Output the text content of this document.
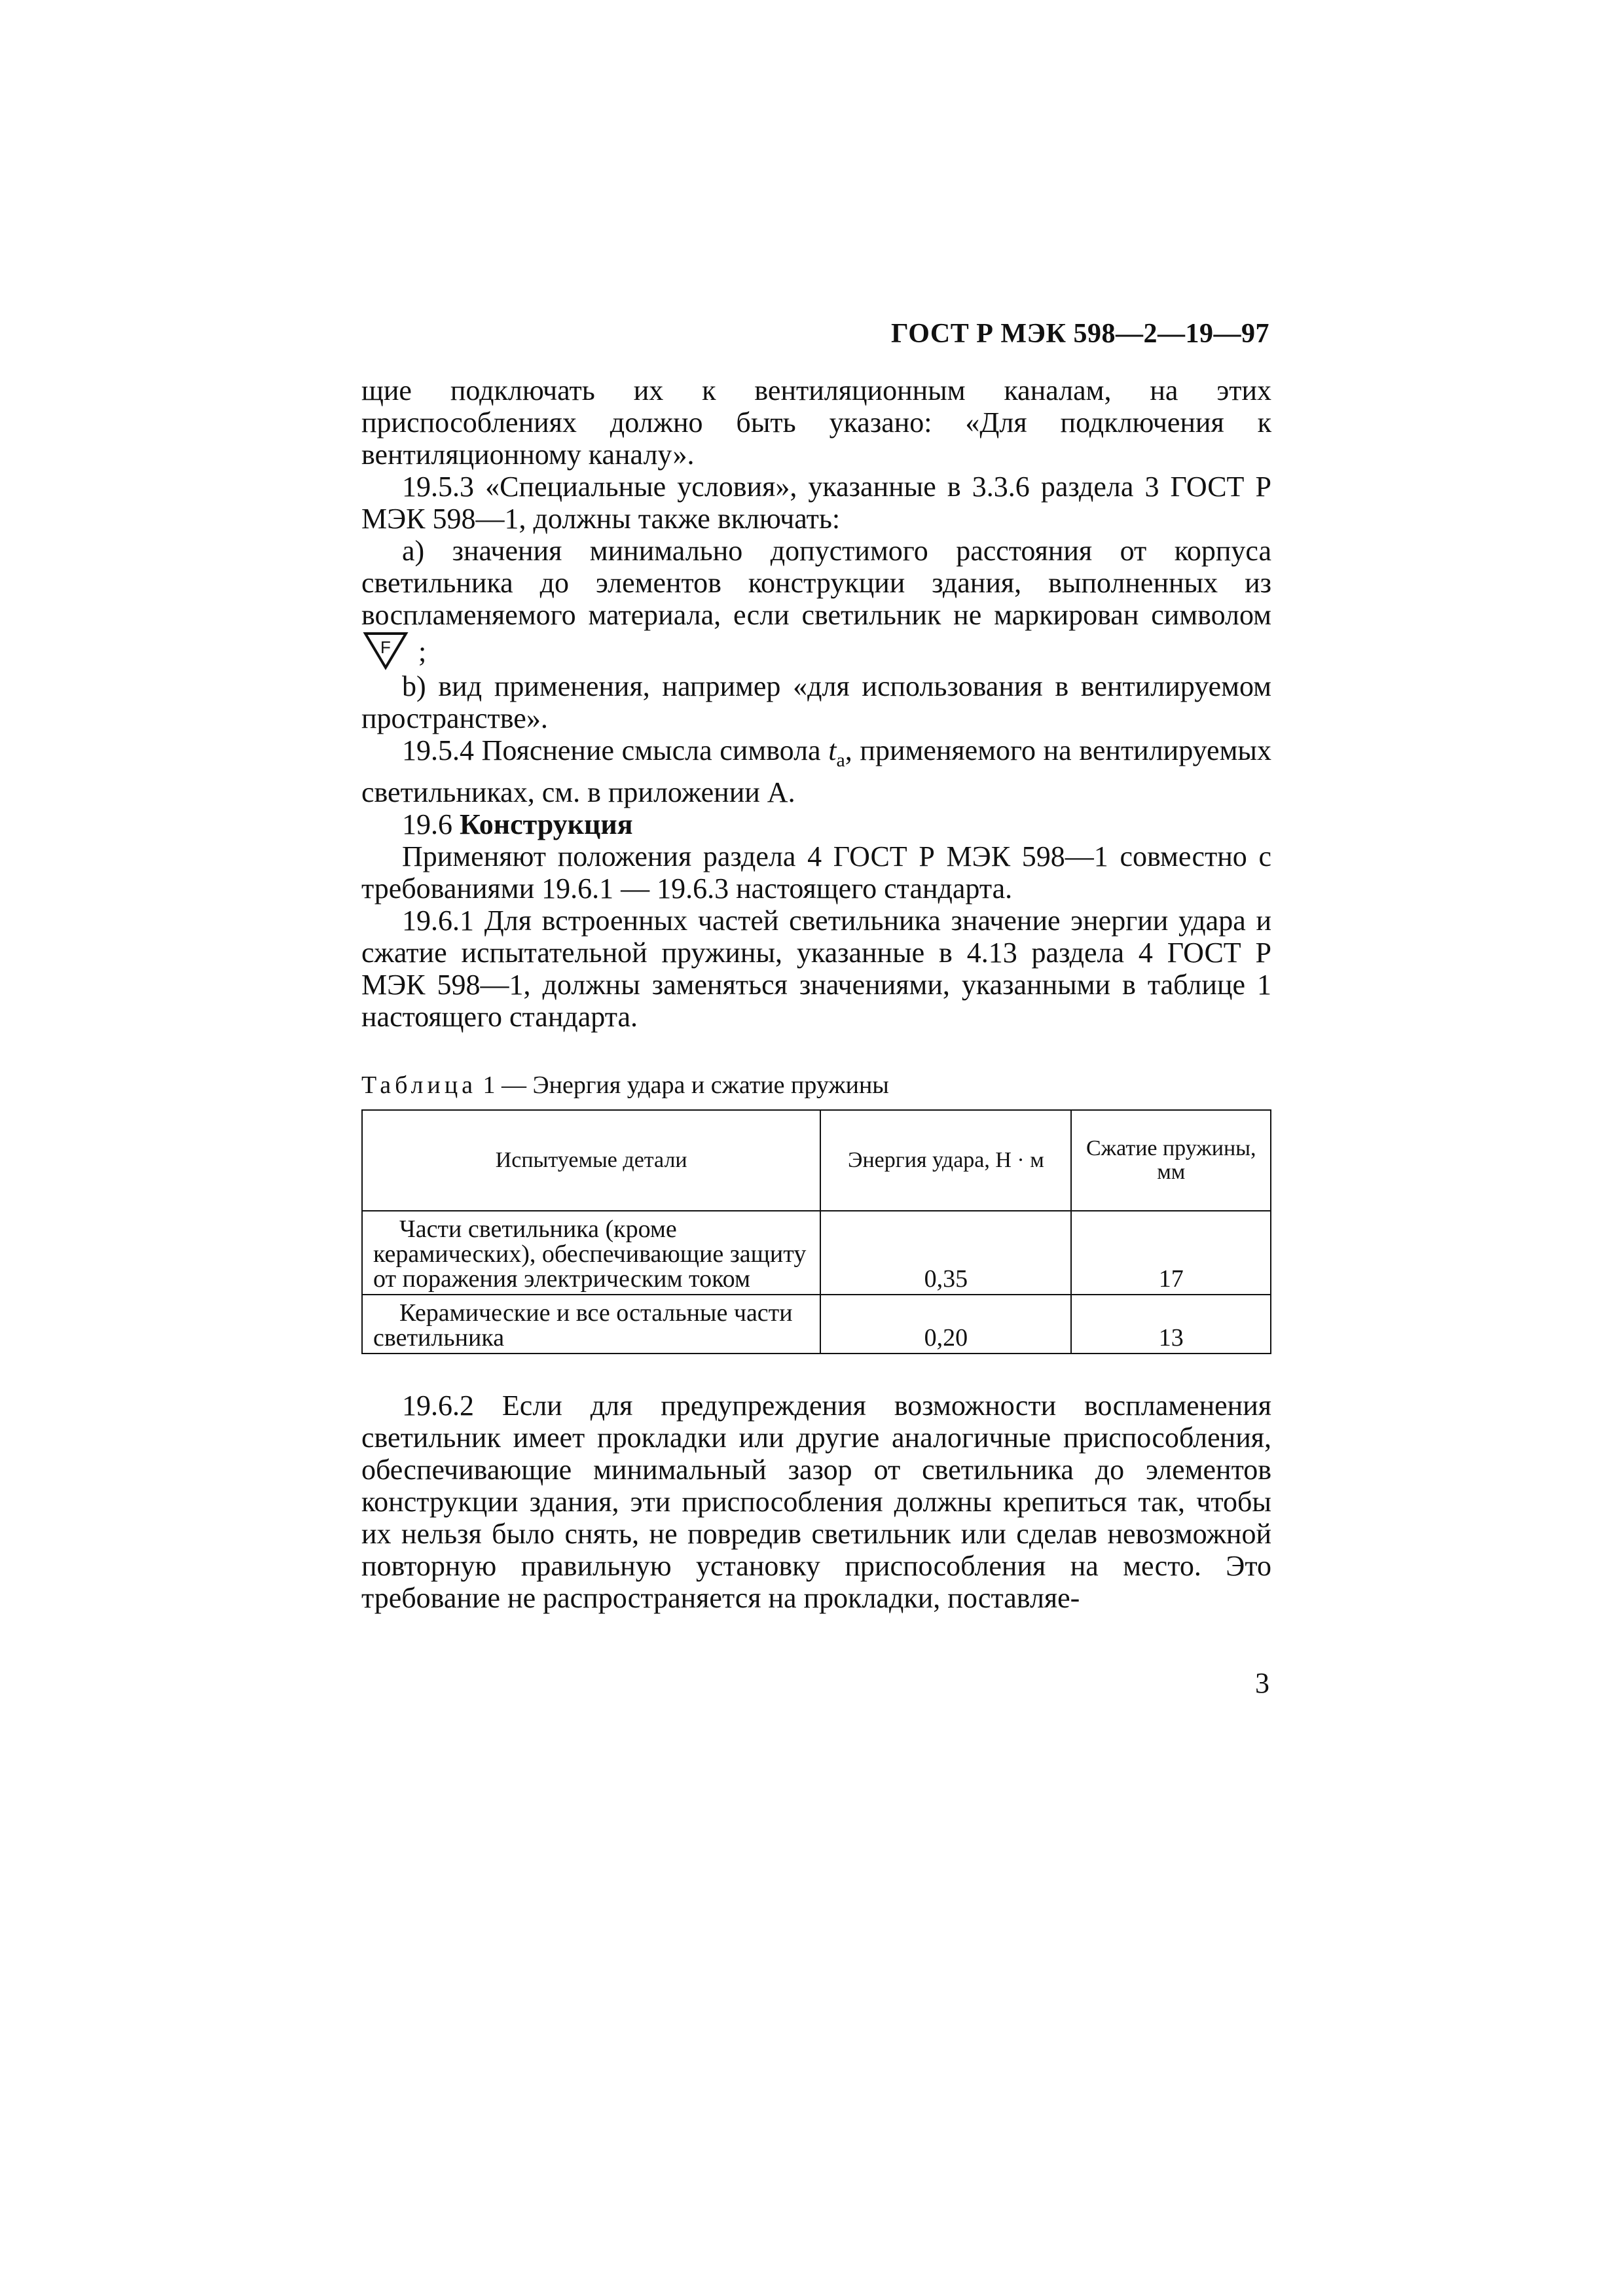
ГОСТ Р МЭК 598—2—19—97

щие подключать их к вентиляционным каналам, на этих приспособлениях должно быть указано: «Для подключения к вентиляционному каналу».

19.5.3 «Специальные условия», указанные в 3.3.6 раздела 3 ГОСТ Р МЭК 598—1, должны также включать:

a) значения минимально допустимого расстояния от корпуса светильника до элементов конструкции здания, выполненных из воспламеняемого материала, если светильник не маркирован символом
F ;

b) вид применения, например «для использования в вентилируемом пространстве».

19.5.4 Пояснение смысла символа $t_a$, применяемого на вентилируемых светильниках, см. в приложении А.

19.6 Конструкция

Применяют положения раздела 4 ГОСТ Р МЭК 598—1 совместно с требованиями 19.6.1 — 19.6.3 настоящего стандарта.

19.6.1 Для встроенных частей светильника значение энергии удара и сжатие испытательной пружины, указанные в 4.13 раздела 4 ГОСТ Р МЭК 598—1, должны заменяться значениями, указанными в таблице 1 настоящего стандарта.

Таблица 1 — Энергия удара и сжатие пружины
Испытуемые детали	Энергия удара, Н · м	Сжатие пружины, мм
Части светильника (кроме керамических), обеспечивающие защиту от поражения электрическим током	0,35	17
Керамические и все остальные части светильника	0,20	13

19.6.2 Если для предупреждения возможности воспламенения светильник имеет прокладки или другие аналогичные приспособления, обеспечивающие минимальный зазор от светильника до элементов конструкции здания, эти приспособления должны крепиться так, чтобы их нельзя было снять, не повредив светильник или сделав невозможной повторную правильную установку приспособления на место. Это требование не распространяется на прокладки, поставляе-

3
